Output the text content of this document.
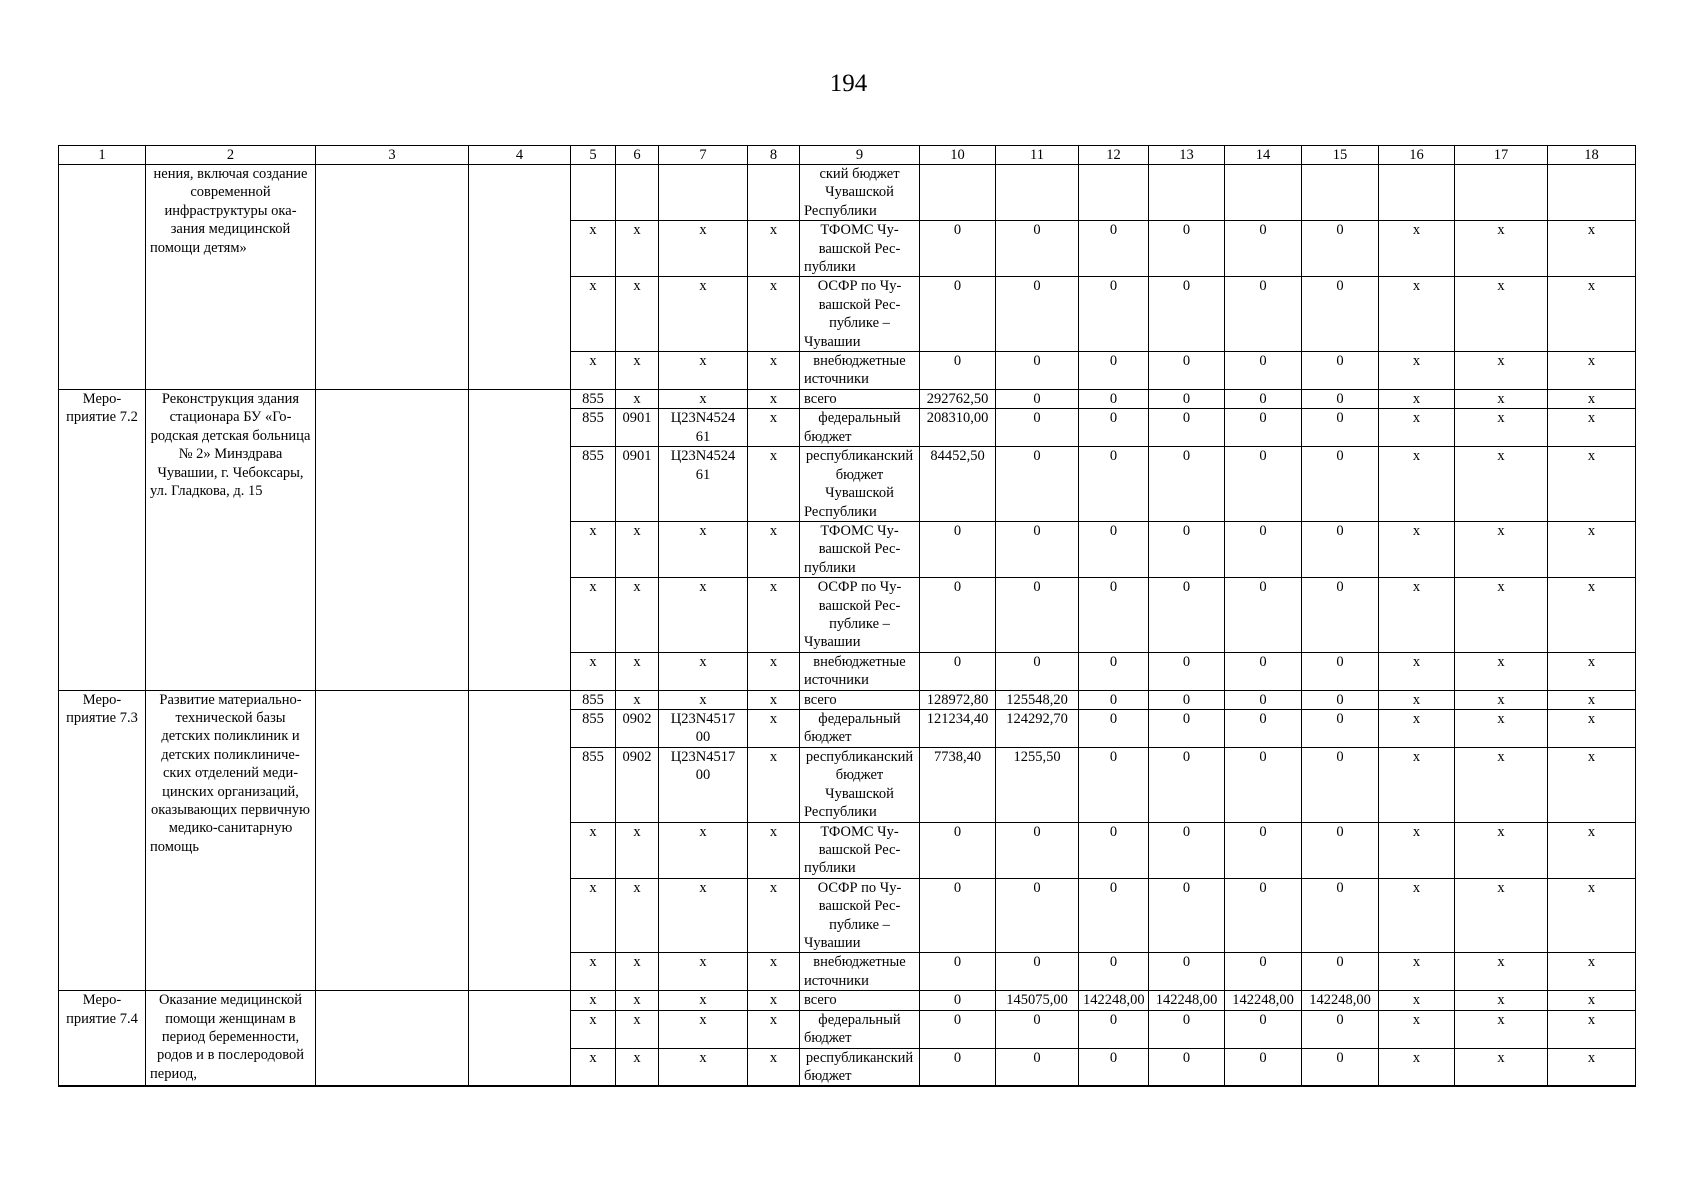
194
1	2	3	4	5	6	7	8	9	10	11	12	13	14	15	16	17	18
	нения, включая создание современной инфраструктуры оказания медицинской помощи детям»							ский бюджет Чувашской Республики									
				x	x	x	x	ТФОМС Чувашской Республики	0	0	0	0	0	0	x	x	x
				x	x	x	x	ОСФР по Чувашской Республике – Чувашии	0	0	0	0	0	0	x	x	x
				x	x	x	x	внебюджетные источники	0	0	0	0	0	0	x	x	x
Мероприятие 7.2	Реконструкция здания стационара БУ «Городская детская больница № 2» Минздрава Чувашии, г. Чебоксары, ул. Гладкова, д. 15			855	x	x	x	всего	292762,50	0	0	0	0	0	x	x	x
				855	0901	Ц23N4524 61	x	федеральный бюджет	208310,00	0	0	0	0	0	x	x	x
				855	0901	Ц23N4524 61	x	республиканский бюджет Чувашской Республики	84452,50	0	0	0	0	0	x	x	x
				x	x	x	x	ТФОМС Чувашской Республики	0	0	0	0	0	0	x	x	x
				x	x	x	x	ОСФР по Чувашской Республике – Чувашии	0	0	0	0	0	0	x	x	x
				x	x	x	x	внебюджетные источники	0	0	0	0	0	0	x	x	x
Мероприятие 7.3	Развитие материально-технической базы детских поликлиник и детских поликлинических отделений медицинских организаций, оказывающих первичную медико-санитарную помощь			855	x	x	x	всего	128972,80	125548,20	0	0	0	0	x	x	x
				855	0902	Ц23N4517 00	x	федеральный бюджет	121234,40	124292,70	0	0	0	0	x	x	x
				855	0902	Ц23N4517 00	x	республиканский бюджет Чувашской Республики	7738,40	1255,50	0	0	0	0	x	x	x
				x	x	x	x	ТФОМС Чувашской Республики	0	0	0	0	0	0	x	x	x
				x	x	x	x	ОСФР по Чувашской Республике – Чувашии	0	0	0	0	0	0	x	x	x
				x	x	x	x	внебюджетные источники	0	0	0	0	0	0	x	x	x
Мероприятие 7.4	Оказание медицинской помощи женщинам в период беременности, родов и в послеродовой период,			x	x	x	x	всего	0	145075,00	142248,00	142248,00	142248,00	142248,00	x	x	x
				x	x	x	x	федеральный бюджет	0	0	0	0	0	0	x	x	x
				x	x	x	x	республиканский бюджет	0	0	0	0	0	0	x	x	x
